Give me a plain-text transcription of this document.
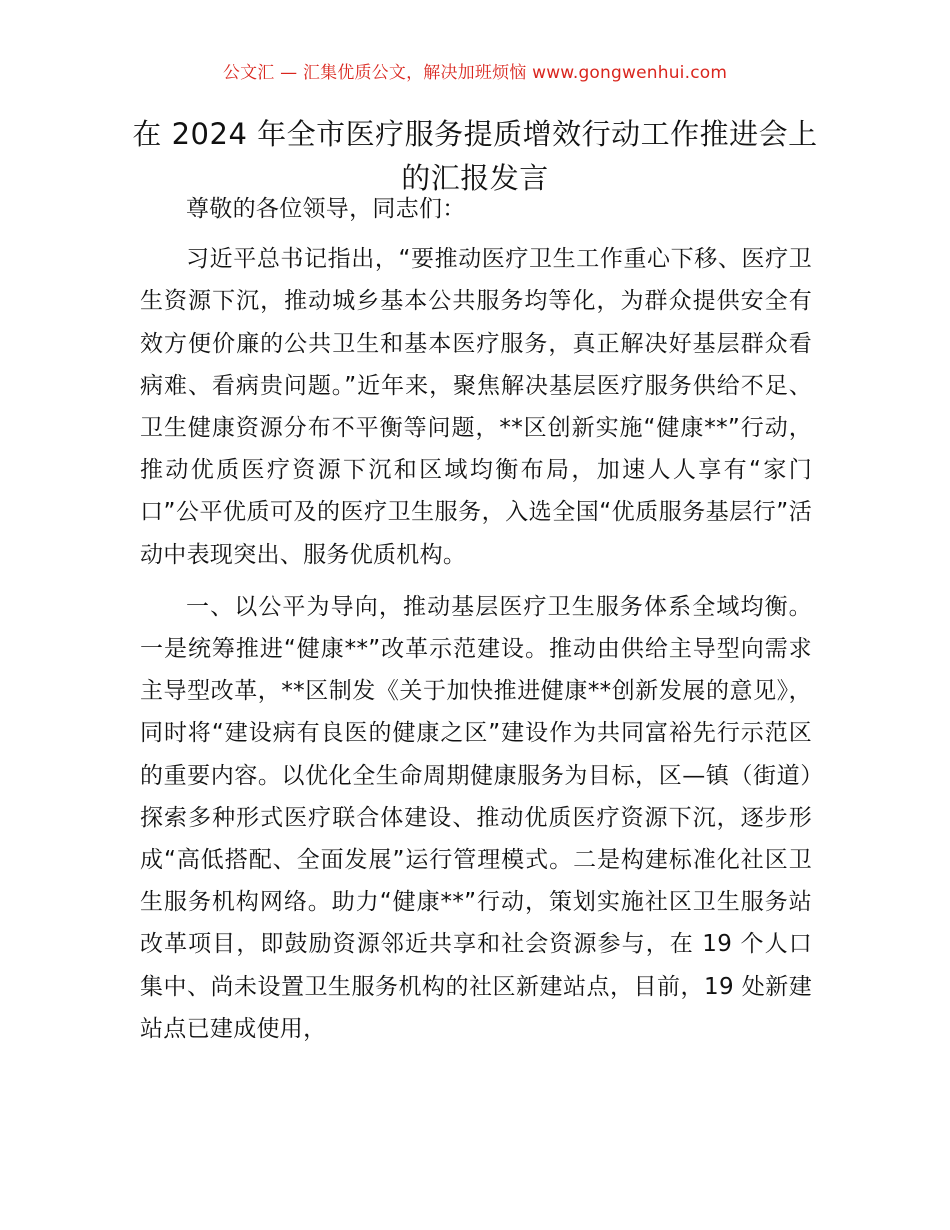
公文汇 — 汇集优质公文，解决加班烦恼 www.gongwenhui.com
在 2024 年全市医疗服务提质增效行动工作推进会上的汇报发言

尊敬的各位领导，同志们：

习近平总书记指出，“要推动医疗卫生工作重心下移、医疗卫生资源下沉，推动城乡基本公共服务均等化，为群众提供安全有效方便价廉的公共卫生和基本医疗服务，真正解决好基层群众看病难、看病贵问题。”近年来，聚焦解决基层医疗服务供给不足、卫生健康资源分布不平衡等问题，**区创新实施“健康**”行动，推动优质医疗资源下沉和区域均衡布局，加速人人享有“家门口”公平优质可及的医疗卫生服务，入选全国“优质服务基层行”活动中表现突出、服务优质机构。

一、以公平为导向，推动基层医疗卫生服务体系全域均衡。一是统筹推进“健康**”改革示范建设。推动由供给主导型向需求主导型改革，**区制发《关于加快推进健康**创新发展的意见》，同时将“建设病有良医的健康之区”建设作为共同富裕先行示范区的重要内容。以优化全生命周期健康服务为目标，区—镇（街道）探索多种形式医疗联合体建设、推动优质医疗资源下沉，逐步形成“高低搭配、全面发展”运行管理模式。二是构建标准化社区卫生服务机构网络。助力“健康**”行动，策划实施社区卫生服务站改革项目，即鼓励资源邻近共享和社会资源参与，在 19 个人口集中、尚未设置卫生服务机构的社区新建站点，目前，19 处新建站点已建成使用，
